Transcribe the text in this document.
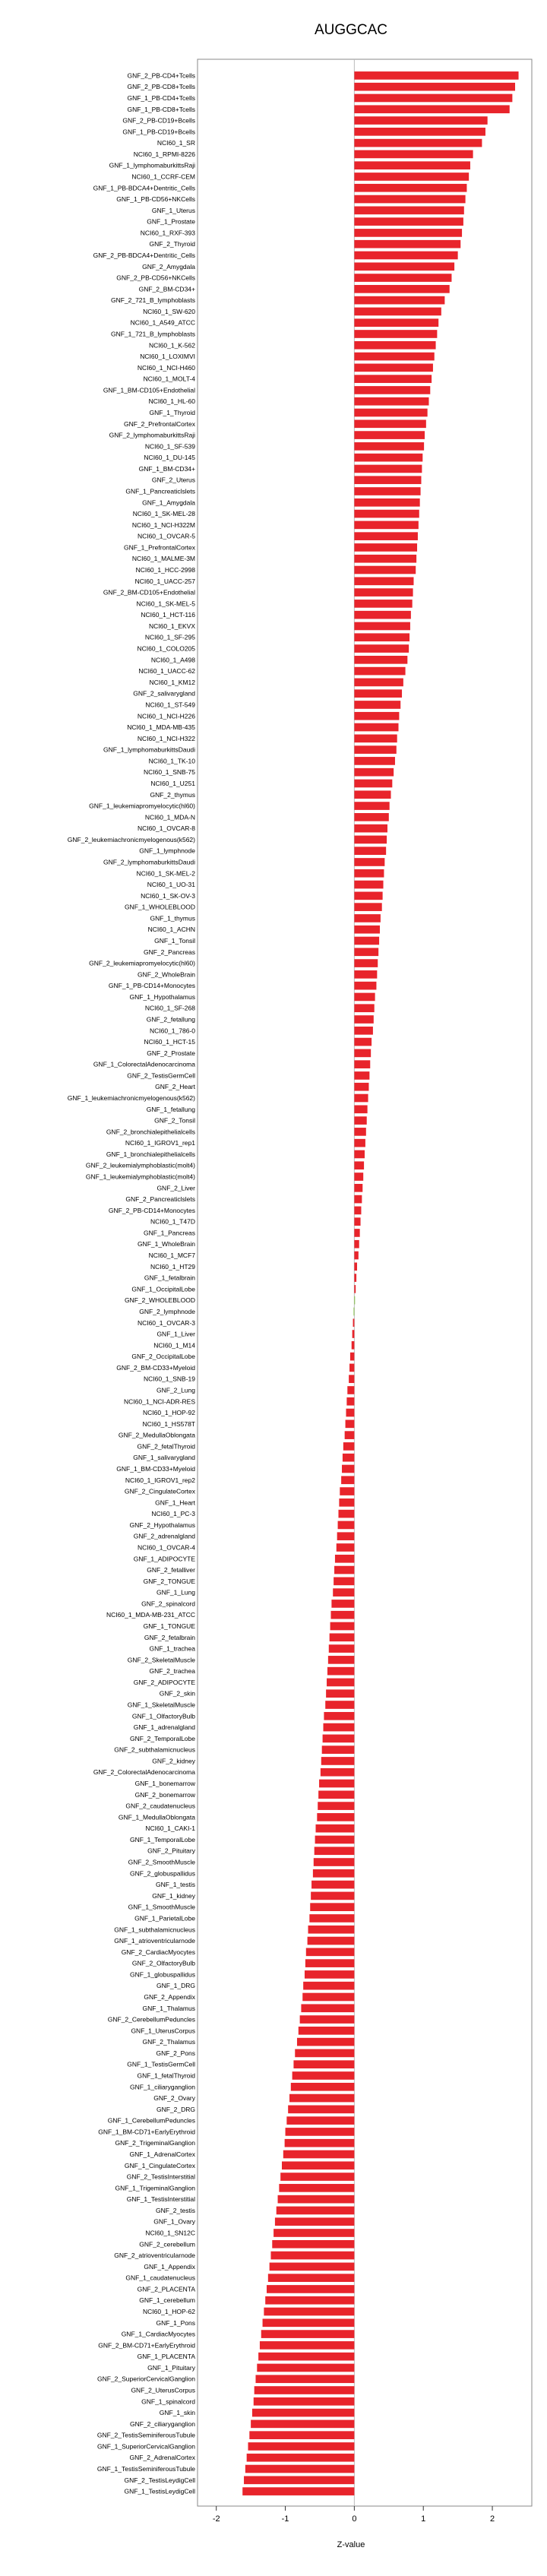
AUGGCAC
GNF_2_PB-CD4+Tcells
GNF_2_PB-CD8+Tcells
GNF_1_PB-CD4+Tcells
GNF_1_PB-CD8+Tcells
GNF_2_PB-CD19+Bcells
GNF_1_PB-CD19+Bcells
NCI60_1_SR
NCI60_1_RPMI-8226
GNF_1_lymphomaburkittsRaji
NCI60_1_CCRF-CEM
GNF_1_PB-BDCA4+Dentritic_Cells
GNF_1_PB-CD56+NKCells
GNF_1_Uterus
GNF_1_Prostate
NCI60_1_RXF-393
GNF_2_Thyroid
GNF_2_PB-BDCA4+Dentritic_Cells
GNF_2_Amygdala
GNF_2_PB-CD56+NKCells
GNF_2_BM-CD34+
GNF_2_721_B_lymphoblasts
NCI60_1_SW-620
NCI60_1_A549_ATCC
GNF_1_721_B_lymphoblasts
NCI60_1_K-562
NCI60_1_LOXIMVI
NCI60_1_NCI-H460
NCI60_1_MOLT-4
GNF_1_BM-CD105+Endothelial
NCI60_1_HL-60
GNF_1_Thyroid
GNF_2_PrefrontalCortex
GNF_2_lymphomaburkittsRaji
NCI60_1_SF-539
NCI60_1_DU-145
GNF_1_BM-CD34+
GNF_2_Uterus
GNF_1_Pancreaticlslets
GNF_1_Amygdala
NCI60_1_SK-MEL-28
NCI60_1_NCI-H322M
NCI60_1_OVCAR-5
GNF_1_PrefrontalCortex
NCI60_1_MALME-3M
NCI60_1_HCC-2998
NCI60_1_UACC-257
GNF_2_BM-CD105+Endothelial
NCI60_1_SK-MEL-5
NCI60_1_HCT-116
NCI60_1_EKVX
NCI60_1_SF-295
NCI60_1_COLO205
NCI60_1_A498
NCI60_1_UACC-62
NCI60_1_KM12
GNF_2_salivarygland
NCI60_1_ST-549
NCI60_1_NCI-H226
NCI60_1_MDA-MB-435
NCI60_1_NCI-H322
GNF_1_lymphomaburkittsDaudi
NCI60_1_TK-10
NCI60_1_SNB-75
NCI60_1_U251
GNF_2_thymus
GNF_1_leukemiapromyelocytic(hl60)
NCI60_1_MDA-N
NCI60_1_OVCAR-8
GNF_2_leukemiachronicmyelogenous(k562)
GNF_1_lymphnode
GNF_2_lymphomaburkittsDaudi
NCI60_1_SK-MEL-2
NCI60_1_UO-31
NCI60_1_SK-OV-3
GNF_1_WHOLEBLOOD
GNF_1_thymus
NCI60_1_ACHN
GNF_1_Tonsil
GNF_2_Pancreas
GNF_2_leukemiapromyelocytic(hl60)
GNF_2_WholeBrain
GNF_1_PB-CD14+Monocytes
GNF_1_Hypothalamus
NCI60_1_SF-268
GNF_2_fetallung
NCI60_1_786-0
NCI60_1_HCT-15
GNF_2_Prostate
GNF_1_ColorectalAdenocarcinoma
GNF_2_TestisGermCell
GNF_2_Heart
GNF_1_leukemiachronicmyelogenous(k562)
GNF_1_fetallung
GNF_2_Tonsil
GNF_2_bronchialepithelialcells
NCI60_1_IGROV1_rep1
GNF_1_bronchialepithelialcells
GNF_2_leukemialymphoblastic(molt4)
GNF_1_leukemialymphoblastic(molt4)
GNF_2_Liver
GNF_2_Pancreaticlslets
GNF_2_PB-CD14+Monocytes
NCI60_1_T47D
GNF_1_Pancreas
GNF_1_WholeBrain
NCI60_1_MCF7
NCI60_1_HT29
GNF_1_fetalbrain
GNF_1_OccipitalLobe
GNF_2_WHOLEBLOOD
GNF_2_lymphnode
NCI60_1_OVCAR-3
GNF_1_Liver
NCI60_1_M14
GNF_2_OccipitalLobe
GNF_2_BM-CD33+Myeloid
NCI60_1_SNB-19
GNF_2_Lung
NCI60_1_NCI-ADR-RES
NCI60_1_HOP-92
NCI60_1_HS578T
GNF_2_MedullaOblongata
GNF_2_fetalThyroid
GNF_1_salivarygland
GNF_1_BM-CD33+Myeloid
NCI60_1_IGROV1_rep2
GNF_2_CingulateCortex
GNF_1_Heart
NCI60_1_PC-3
GNF_2_Hypothalamus
GNF_2_adrenalgland
NCI60_1_OVCAR-4
GNF_1_ADIPOCYTE
GNF_2_fetalliver
GNF_2_TONGUE
GNF_1_Lung
GNF_2_spinalcord
NCI60_1_MDA-MB-231_ATCC
GNF_1_TONGUE
GNF_2_fetalbrain
GNF_1_trachea
GNF_2_SkeletalMuscle
GNF_2_trachea
GNF_2_ADIPOCYTE
GNF_2_skin
GNF_1_SkeletalMuscle
GNF_1_OlfactoryBulb
GNF_1_adrenalgland
GNF_2_TemporalLobe
GNF_2_subthalamicnucleus
GNF_2_kidney
GNF_2_ColorectalAdenocarcinoma
GNF_1_bonemarrow
GNF_2_bonemarrow
GNF_2_caudatenucleus
GNF_1_MedullaOblongata
NCI60_1_CAKI-1
GNF_1_TemporalLobe
GNF_2_Pituitary
GNF_2_SmoothMuscle
GNF_2_globuspallidus
GNF_1_testis
GNF_1_kidney
GNF_1_SmoothMuscle
GNF_1_ParietalLobe
GNF_1_subthalamicnucleus
GNF_1_atrioventricularnode
GNF_2_CardiacMyocytes
GNF_2_OlfactoryBulb
GNF_1_globuspallidus
GNF_1_DRG
GNF_2_Appendix
GNF_1_Thalamus
GNF_2_CerebellumPeduncles
GNF_1_UterusCorpus
GNF_2_Thalamus
GNF_2_Pons
GNF_1_TestisGermCell
GNF_1_fetalThyroid
GNF_1_ciliaryganglion
GNF_2_Ovary
GNF_2_DRG
GNF_1_CerebellumPeduncles
GNF_1_BM-CD71+EarlyErythroid
GNF_2_TrigeminalGanglion
GNF_1_AdrenalCortex
GNF_1_CingulateCortex
GNF_2_TestisInterstitial
GNF_1_TrigeminalGanglion
GNF_1_TestisInterstitial
GNF_2_testis
GNF_1_Ovary
NCI60_1_SN12C
GNF_2_cerebellum
GNF_2_atrioventricularnode
GNF_1_Appendix
GNF_1_caudatenucleus
GNF_2_PLACENTA
GNF_1_cerebellum
NCI60_1_HOP-62
GNF_1_Pons
GNF_1_CardiacMyocytes
GNF_2_BM-CD71+EarlyErythroid
GNF_1_PLACENTA
GNF_1_Pituitary
GNF_2_SuperiorCervicalGanglion
GNF_2_UterusCorpus
GNF_1_spinalcord
GNF_1_skin
GNF_2_ciliaryganglion
GNF_2_TestisSeminiferousTubule
GNF_1_SuperiorCervicalGanglion
GNF_2_AdrenalCortex
GNF_1_TestisSeminiferousTubule
GNF_2_TestisLeydigCell
GNF_1_TestisLeydigCell
-2	-1	0	1	2
Z-value
